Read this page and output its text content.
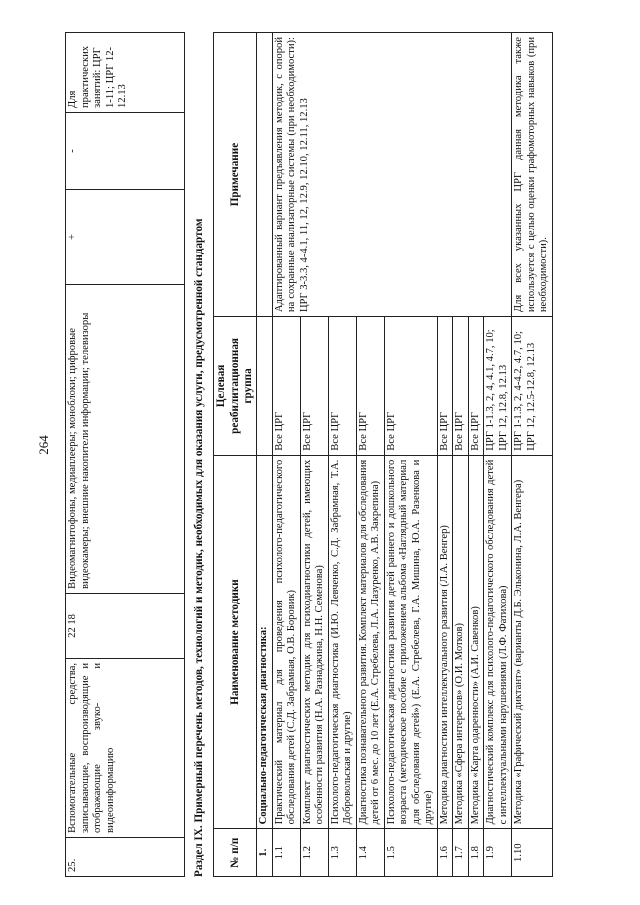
264
25.	Вспомогательные средства, записывающие, воспроизводящие и отображающие звуко- и видеоинформацию	22 18	Видеомагнитофоны, медиаплееры; моноблоки; цифровые видеокамеры; внешние накопители информации; телевизоры	+	-	Для практических занятий: ЦРГ 1-11; ЦРГ 12-12.13
Раздел IX. Примерный перечень методов, технологий и методик, необходимых для оказания услуги, предусмотренной стандартом № п/п	Наименование методики	Целевая реабилитационная группа	Примечание
1.	Социально-педагогическая диагностика:		
1.1	Практический материал для проведения психолого-педагогического обследования детей (С.Д. Забрамная, О.В. Боровик)	Все ЦРГ	Адаптированный вариант предъявления методик, с опорой на сохранные анализаторные системы (при необходимости): ЦРГ 3-3.3, 4-4.1, 11, 12, 12.9, 12.10, 12.11, 12.13
1.2	Комплект диагностических методик для психодиагностики детей, имеющих особенности развития (Н.А. Разнаджина, Н.Н. Семенова)	Все ЦРГ	
1.3	Психолого-педагогическая диагностика (И.Ю. Левченко, С.Д. Забрамная, Т.А. Добровольская и другие)	Все ЦРГ	
1.4	Диагностика познавательного развития. Комплект материалов для обследования детей от 6 мес. до 10 лет (Е.А. Стребелева, Л.А. Лазуренко, А.В. Закрепина)	Все ЦРГ	
1.5	Психолого-педагогическая диагностика развития детей раннего и дошкольного возраста (методическое пособие с приложением альбома «Наглядный материал для обследования детей») (Е.А. Стребелева, Г.А. Мишина, Ю.А. Разенкова и другие)	Все ЦРГ	
1.6	Методика диагностики интеллектуального развития (Л.А. Венгер)	Все ЦРГ	
1.7	Методика «Сфера интересов» (О.И. Мотков)	Все ЦРГ	
1.8	Методика «Карта одаренности» (А.И. Савенков)	Все ЦРГ	
1.9	Диагностический комплекс для психолого-педагогического обследования детей с интеллектуальными нарушениями (Л.Ф. Фатихова)	ЦРГ 1-1.3, 2, 4, 4.1, 4.7, 10; ЦРГ 12, 12.8, 12.13	
1.10	Методика «Графический диктант» (варианты Д.Б. Эльконина, Л.А. Венгера)	ЦРГ 1-1.3, 2, 4-4.2, 4.7, 10; ЦРГ 12, 12.5-12.8, 12.13	Для всех указанных ЦРГ данная методика также используется с целью оценки графомоторных навыков (при необходимости).
